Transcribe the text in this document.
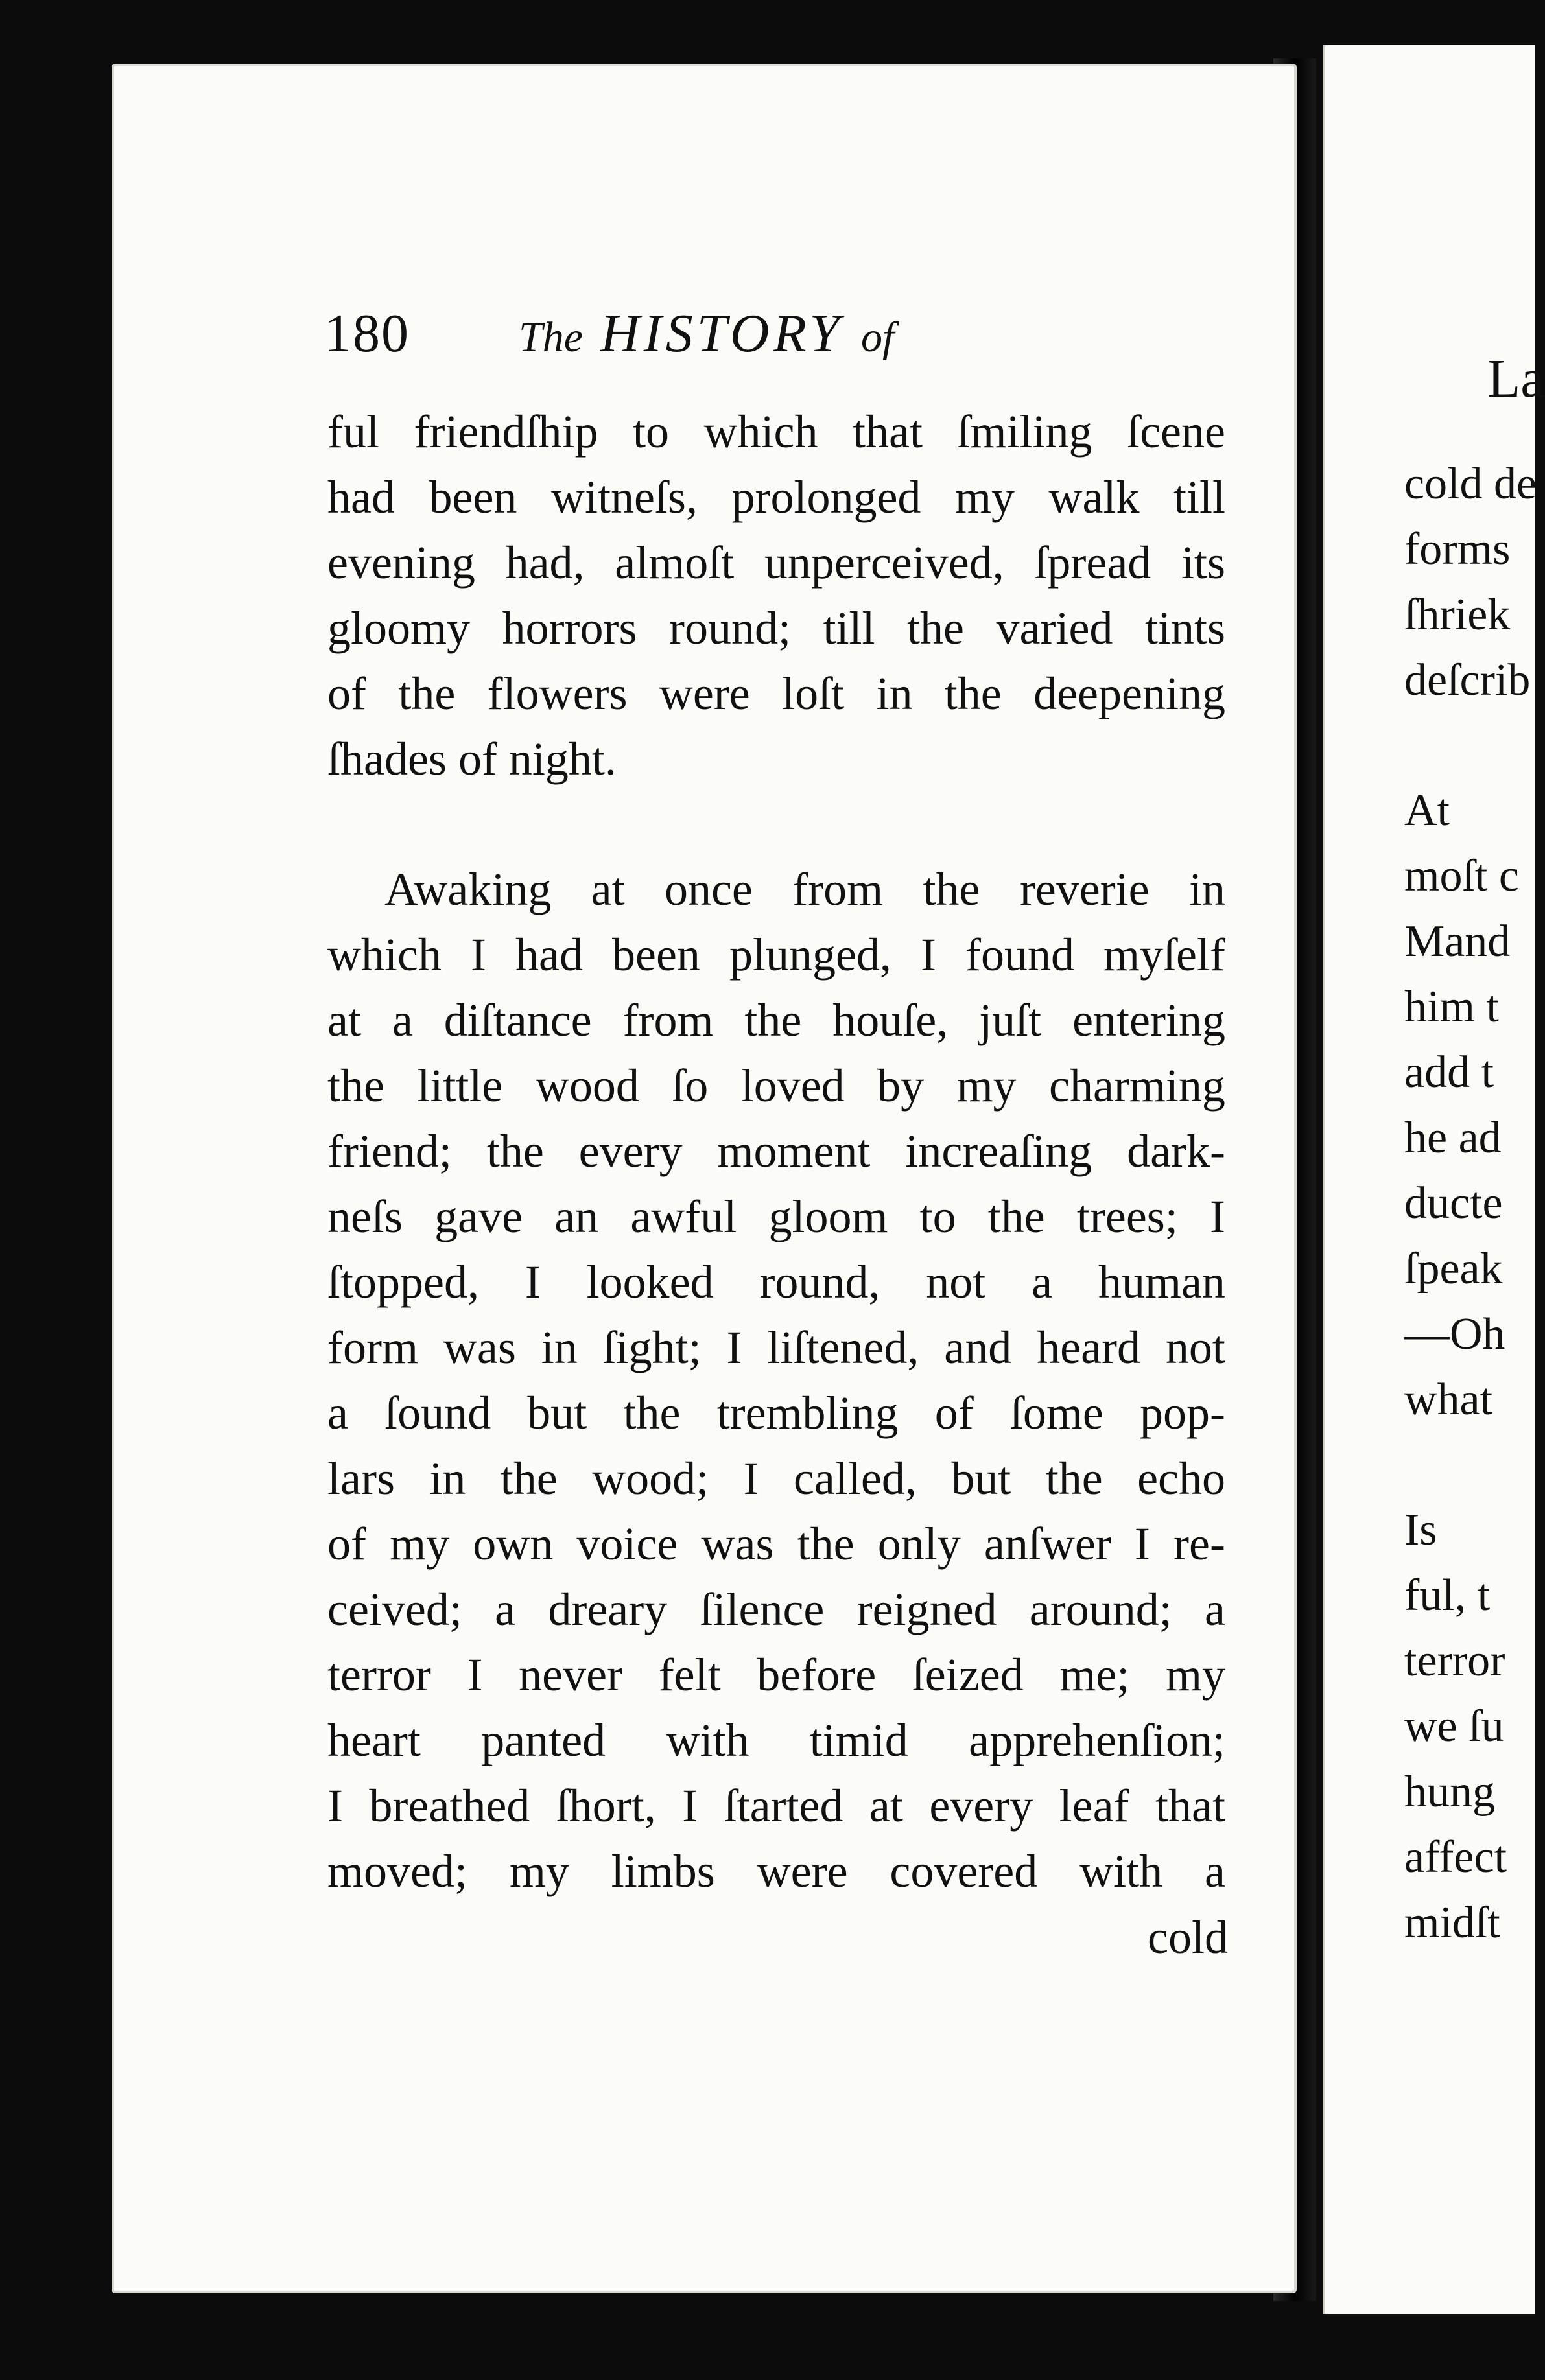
180	The HISTORY of
ful friendſhip to which that ſmiling ſcene
had been witneſs, prolonged my walk till
evening had, almoſt unperceived, ſpread its
gloomy horrors round; till the varied tints
of the flowers were loſt in the deepening
ſhades of night.
Awaking at once from the reverie in
which I had been plunged, I found myſelf
at a diſtance from the houſe, juſt entering
the little wood ſo loved by my charming
friend; the every moment increaſing dark-
neſs gave an awful gloom to the trees; I
ſtopped, I looked round, not a human
form was in ſight; I liſtened, and heard not
a ſound but the trembling of ſome pop-
lars in the wood; I called, but the echo
of my own voice was the only anſwer I re-
ceived; a dreary ſilence reigned around; a
terror I never felt before ſeized me; my
heart panted with timid apprehenſion;
I breathed ſhort, I ſtarted at every leaf that
moved; my limbs were covered with a
cold
La
cold de
forms
ſhriek
deſcrib
At
moſt c
Mand
him t
add t
he ad
ducte
ſpeak
—Oh
what
Is
ful, t
terror
we ſu
hung
affect
midſt
